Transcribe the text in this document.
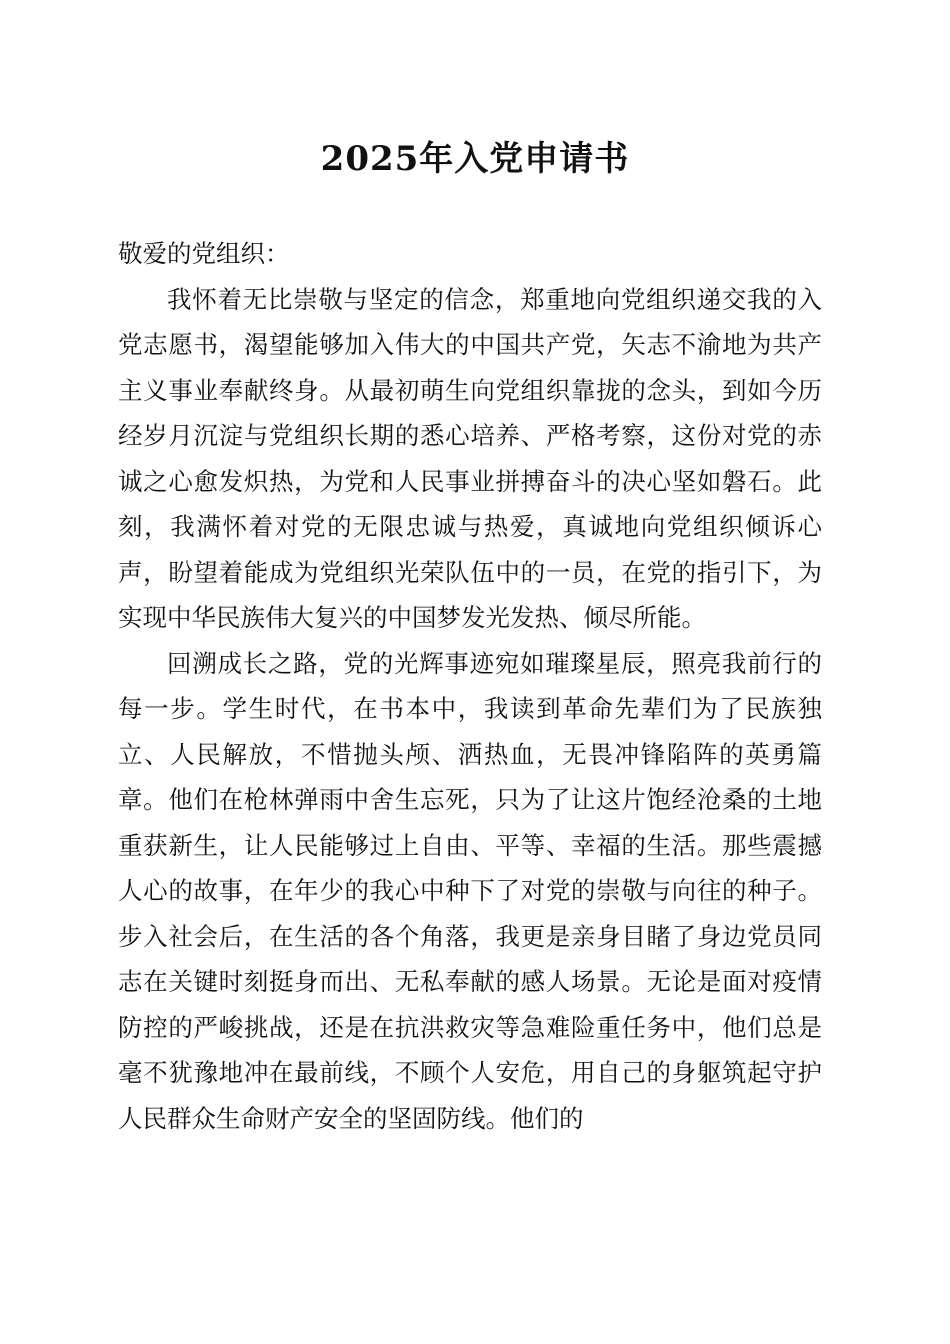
2025年入党申请书

敬爱的党组织：

我怀着无比崇敬与坚定的信念，郑重地向党组织递交我的入党志愿书，渴望能够加入伟大的中国共产党，矢志不渝地为共产主义事业奉献终身。从最初萌生向党组织靠拢的念头，到如今历经岁月沉淀与党组织长期的悉心培养、严格考察，这份对党的赤诚之心愈发炽热，为党和人民事业拼搏奋斗的决心坚如磐石。此刻，我满怀着对党的无限忠诚与热爱，真诚地向党组织倾诉心声，盼望着能成为党组织光荣队伍中的一员，在党的指引下，为实现中华民族伟大复兴的中国梦发光发热、倾尽所能。

回溯成长之路，党的光辉事迹宛如璀璨星辰，照亮我前行的每一步。学生时代，在书本中，我读到革命先辈们为了民族独立、人民解放，不惜抛头颅、洒热血，无畏冲锋陷阵的英勇篇章。他们在枪林弹雨中舍生忘死，只为了让这片饱经沧桑的土地重获新生，让人民能够过上自由、平等、幸福的生活。那些震撼人心的故事，在年少的我心中种下了对党的崇敬与向往的种子。步入社会后，在生活的各个角落，我更是亲身目睹了身边党员同志在关键时刻挺身而出、无私奉献的感人场景。无论是面对疫情防控的严峻挑战，还是在抗洪救灾等急难险重任务中，他们总是毫不犹豫地冲在最前线，不顾个人安危，用自己的身躯筑起守护人民群众生命财产安全的坚固防线。他们的
